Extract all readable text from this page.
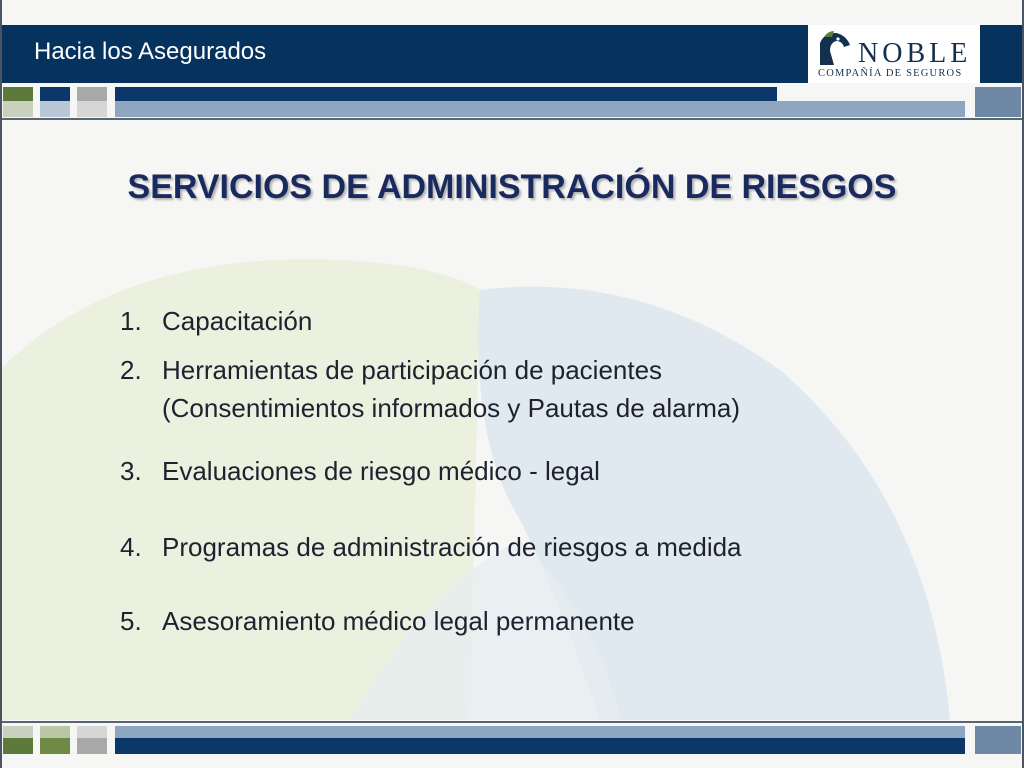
Hacia los Asegurados	NOBLE
COMPAÑÍA DE SEGUROS
SERVICIOS DE ADMINISTRACIÓN DE RIESGOS
1. Capacitación
2. Herramientas de participación de pacientes
(Consentimientos informados y Pautas de alarma)
3. Evaluaciones de riesgo médico - legal
4. Programas de administración de riesgos a medida
5. Asesoramiento médico legal permanente
